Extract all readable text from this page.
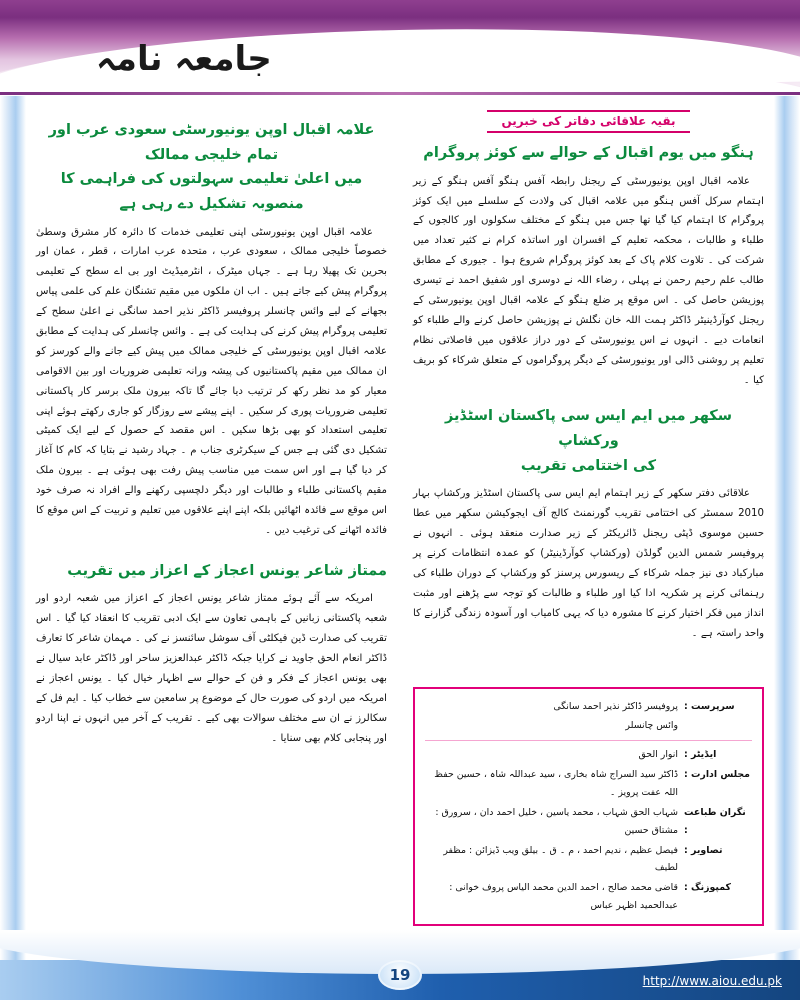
جامعہ نامہ
علامہ اقبال اوپن یونیورسٹی سعودی عرب اور تمام خلیجی ممالک
میں اعلیٰ تعلیمی سہولتوں کی فراہمی کا منصوبہ تشکیل دے رہی ہے

علامہ اقبال اوپن یونیورسٹی اپنی تعلیمی خدمات کا دائرہ کار مشرق وسطیٰ خصوصاً خلیجی ممالک ، سعودی عرب ، متحدہ عرب امارات ، قطر ، عمان اور بحرین تک پھیلا رہا ہے ۔ جہاں میٹرک ، انٹرمیڈیٹ اور بی اے سطح کے تعلیمی پروگرام پیش کیے جاتے ہیں ۔ اب ان ملکوں میں مقیم تشنگان علم کی علمی پیاس بجھانے کے لیے وائس چانسلر پروفیسر ڈاکٹر نذیر احمد سانگی نے اعلیٰ سطح کے تعلیمی پروگرام پیش کرنے کی ہدایت کی ہے ۔ وائس چانسلر کی ہدایت کے مطابق علامہ اقبال اوپن یونیورسٹی کے خلیجی ممالک میں پیش کیے جانے والے کورسز کو ان ممالک میں مقیم پاکستانیوں کی پیشہ ورانہ تعلیمی ضروریات اور بین الاقوامی معیار کو مد نظر رکھ کر ترتیب دیا جائے گا تاکہ بیرون ملک برسر کار پاکستانی تعلیمی ضروریات پوری کر سکیں ۔ اپنے پیشے سے روزگار کو جاری رکھتے ہوئے اپنی تعلیمی استعداد کو بھی بڑھا سکیں ۔ اس مقصد کے حصول کے لیے ایک کمیٹی تشکیل دی گئی ہے جس کے سیکرٹری جناب م ۔ جہاد رشید نے بتایا کہ کام کا آغاز کر دیا گیا ہے اور اس سمت میں مناسب پیش رفت بھی ہوئی ہے ۔ بیرون ملک مقیم پاکستانی طلباء و طالبات اور دیگر دلچسپی رکھنے والے افراد نہ صرف خود اس موقع سے فائدہ اٹھائیں بلکہ اپنے اپنے علاقوں میں تعلیم و تربیت کے اس موقع کا فائدہ اٹھانے کی ترغیب دیں ۔

ممتاز شاعر یونس اعجاز کے اعزاز میں تقریب

امریکہ سے آئے ہوئے ممتاز شاعر یونس اعجاز کے اعزاز میں شعبہ اردو اور شعبہ پاکستانی زبانیں کے باہمی تعاون سے ایک ادبی تقریب کا انعقاد کیا گیا ۔ اس تقریب کی صدارت ڈین فیکلٹی آف سوشل سائنسز نے کی ۔ مہمان شاعر کا تعارف ڈاکٹر انعام الحق جاوید نے کرایا جبکہ ڈاکٹر عبدالعزیز ساحر اور ڈاکٹر عابد سیال نے بھی یونس اعجاز کے فکر و فن کے حوالے سے اظہار خیال کیا ۔ یونس اعجاز نے امریکہ میں اردو کی صورت حال کے موضوع پر سامعین سے خطاب کیا ۔ ایم فل کے سکالرز نے ان سے مختلف سوالات بھی کیے ۔ تقریب کے آخر میں انہوں نے اپنا اردو اور پنجابی کلام بھی سنایا ۔

بقیہ علاقائی دفاتر کی خبریں
ہنگو میں یوم اقبال کے حوالے سے کوئز پروگرام

علامہ اقبال اوپن یونیورسٹی کے ریجنل رابطہ آفس ہنگو آفس ہنگو کے زیر اہتمام سرکل آفس ہنگو میں علامہ اقبال کی ولادت کے سلسلے میں ایک کوئز پروگرام کا اہتمام کیا گیا تھا جس میں ہنگو کے مختلف سکولوں اور کالجوں کے طلباء و طالبات ، محکمہ تعلیم کے افسران اور اساتذہ کرام نے کثیر تعداد میں شرکت کی ۔ تلاوت کلام پاک کے بعد کوئز پروگرام شروع ہوا ۔ جیوری کے مطابق طالب علم رحیم رحمن نے پہلی ، رضاء اللہ نے دوسری اور شفیق احمد نے تیسری پوزیشن حاصل کی ۔ اس موقع پر ضلع ہنگو کے علامہ اقبال اوپن یونیورسٹی کے ریجنل کوآرڈینیٹر ڈاکٹر ہمت اللہ خان نگلش نے پوزیشن حاصل کرنے والے طلباء کو انعامات دیے ۔ انہوں نے اس یونیورسٹی کے دور دراز علاقوں میں فاصلاتی نظام تعلیم پر روشنی ڈالی اور یونیورسٹی کے دیگر پروگراموں کے متعلق شرکاء کو بریف کیا ۔

سکھر میں ایم ایس سی پاکستان اسٹڈیز ورکشاپ
کی اختتامی تقریب

علاقائی دفتر سکھر کے زیر اہتمام ایم ایس سی پاکستان اسٹڈیز ورکشاپ بہار 2010 سمسٹر کی اختتامی تقریب گورنمنٹ کالج آف ایجوکیشن سکھر میں عطا حسین موسوی ڈپٹی ریجنل ڈائریکٹر کے زیر صدارت منعقد ہوئی ۔ انہوں نے پروفیسر شمس الدین گولڈن (ورکشاپ کوآرڈینیٹر) کو عمدہ انتظامات کرنے پر مبارکباد دی نیز جملہ شرکاء کے ریسورس پرسنز کو ورکشاپ کے دوران طلباء کی رہنمائی کرنے پر شکریہ ادا کیا اور طلباء و طالبات کو توجہ سے پڑھنے اور مثبت انداز میں فکر اختیار کرنے کا مشورہ دیا کہ یہی کامیاب اور آسودہ زندگی گزارنے کا واحد راستہ ہے ۔

سرپرست :
پروفیسر ڈاکٹر نذیر احمد سانگی
وائس چانسلر
ایڈیٹر :
انوار الحق
مجلس ادارت :
ڈاکٹر سید السراج شاہ بخاری ، سید عبداللہ شاہ ، حسین حفظ اللہ عفت پرویز ۔
نگران طباعت :
شہاب الحق شہاب ، محمد یاسین ، خلیل احمد دان ، سرورق : مشتاق حسین
تصاویر :
فیصل عظیم ، ندیم احمد ، م ۔ ق ۔ بیلق ویب ڈیزائن : مظفر لطیف
کمپوزنگ :
قاضی محمد صالح ، احمد الدین محمد الیاس پروف خوانی : عبدالحمید اظہر عباس
19	http://www.aiou.edu.pk
